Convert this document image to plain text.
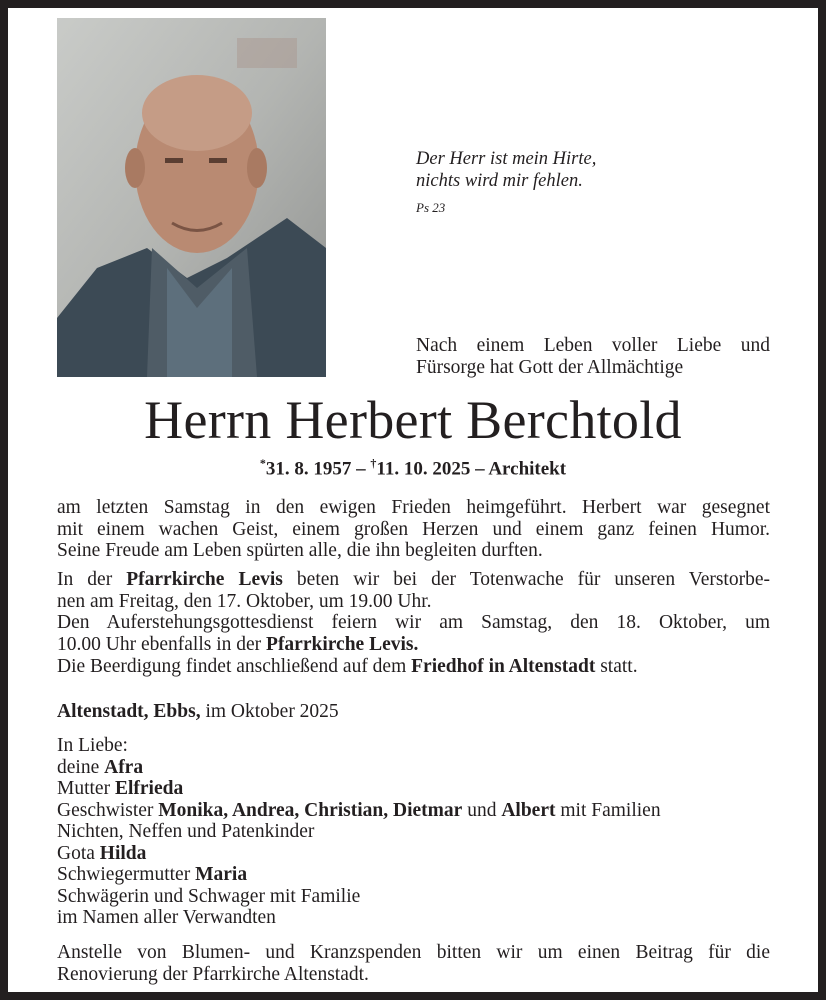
Der Herr ist mein Hirte,
nichts wird mir fehlen.
Ps 23
Nach einem Leben voller Liebe und
Fürsorge hat Gott der Allmächtige
Herrn Herbert Berchtold
*31. 8. 1957 – †11. 10. 2025 – Architekt
am letzten Samstag in den ewigen Frieden heimgeführt. Herbert war gesegnet
mit einem wachen Geist, einem großen Herzen und einem ganz feinen Humor.
Seine Freude am Leben spürten alle, die ihn begleiten durften.
In der Pfarrkirche Levis beten wir bei der Totenwache für unseren Verstorbe-
nen am Freitag, den 17. Oktober, um 19.00 Uhr.
Den Auferstehungsgottesdienst feiern wir am Samstag, den 18. Oktober, um
10.00 Uhr ebenfalls in der Pfarrkirche Levis.
Die Beerdigung findet anschließend auf dem Friedhof in Altenstadt statt.
Altenstadt, Ebbs, im Oktober 2025
In Liebe:
deine Afra
Mutter Elfrieda
Geschwister Monika, Andrea, Christian, Dietmar und Albert mit Familien
Nichten, Neffen und Patenkinder
Gota Hilda
Schwiegermutter Maria
Schwägerin und Schwager mit Familie
im Namen aller Verwandten
Anstelle von Blumen- und Kranzspenden bitten wir um einen Beitrag für die
Renovierung der Pfarrkirche Altenstadt.
